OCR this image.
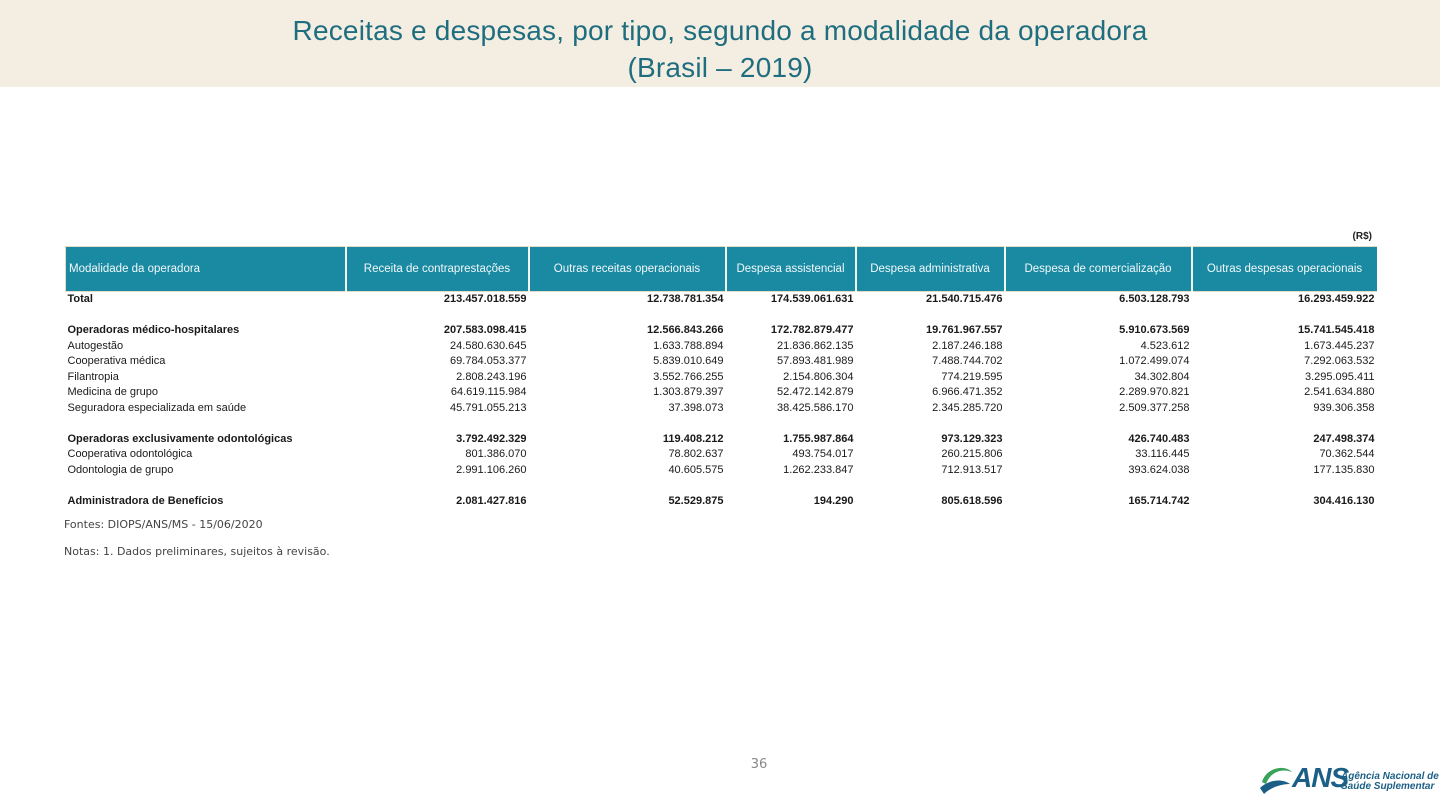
Receitas e despesas, por tipo, segundo a modalidade da operadora
(Brasil – 2019)
(R$)
Modalidade da operadora	Receita de contraprestações	Outras receitas operacionais	Despesa assistencial	Despesa administrativa	Despesa de comercialização	Outras despesas operacionais
Total	213.457.018.559	12.738.781.354	174.539.061.631	21.540.715.476	6.503.128.793	16.293.459.922

Operadoras médico-hospitalares	207.583.098.415	12.566.843.266	172.782.879.477	19.761.967.557	5.910.673.569	15.741.545.418
Autogestão	24.580.630.645	1.633.788.894	21.836.862.135	2.187.246.188	4.523.612	1.673.445.237
Cooperativa médica	69.784.053.377	5.839.010.649	57.893.481.989	7.488.744.702	1.072.499.074	7.292.063.532
Filantropia	2.808.243.196	3.552.766.255	2.154.806.304	774.219.595	34.302.804	3.295.095.411
Medicina de grupo	64.619.115.984	1.303.879.397	52.472.142.879	6.966.471.352	2.289.970.821	2.541.634.880
Seguradora especializada em saúde	45.791.055.213	37.398.073	38.425.586.170	2.345.285.720	2.509.377.258	939.306.358

Operadoras exclusivamente odontológicas	3.792.492.329	119.408.212	1.755.987.864	973.129.323	426.740.483	247.498.374
Cooperativa odontológica	801.386.070	78.802.637	493.754.017	260.215.806	33.116.445	70.362.544
Odontologia de grupo	2.991.106.260	40.605.575	1.262.233.847	712.913.517	393.624.038	177.135.830

Administradora de Benefícios	2.081.427.816	52.529.875	194.290	805.618.596	165.714.742	304.416.130
Fontes: DIOPS/ANS/MS - 15/06/2020
Notas: 1. Dados preliminares, sujeitos à revisão.
36	ANS
Agência Nacional de
Saúde Suplementar
